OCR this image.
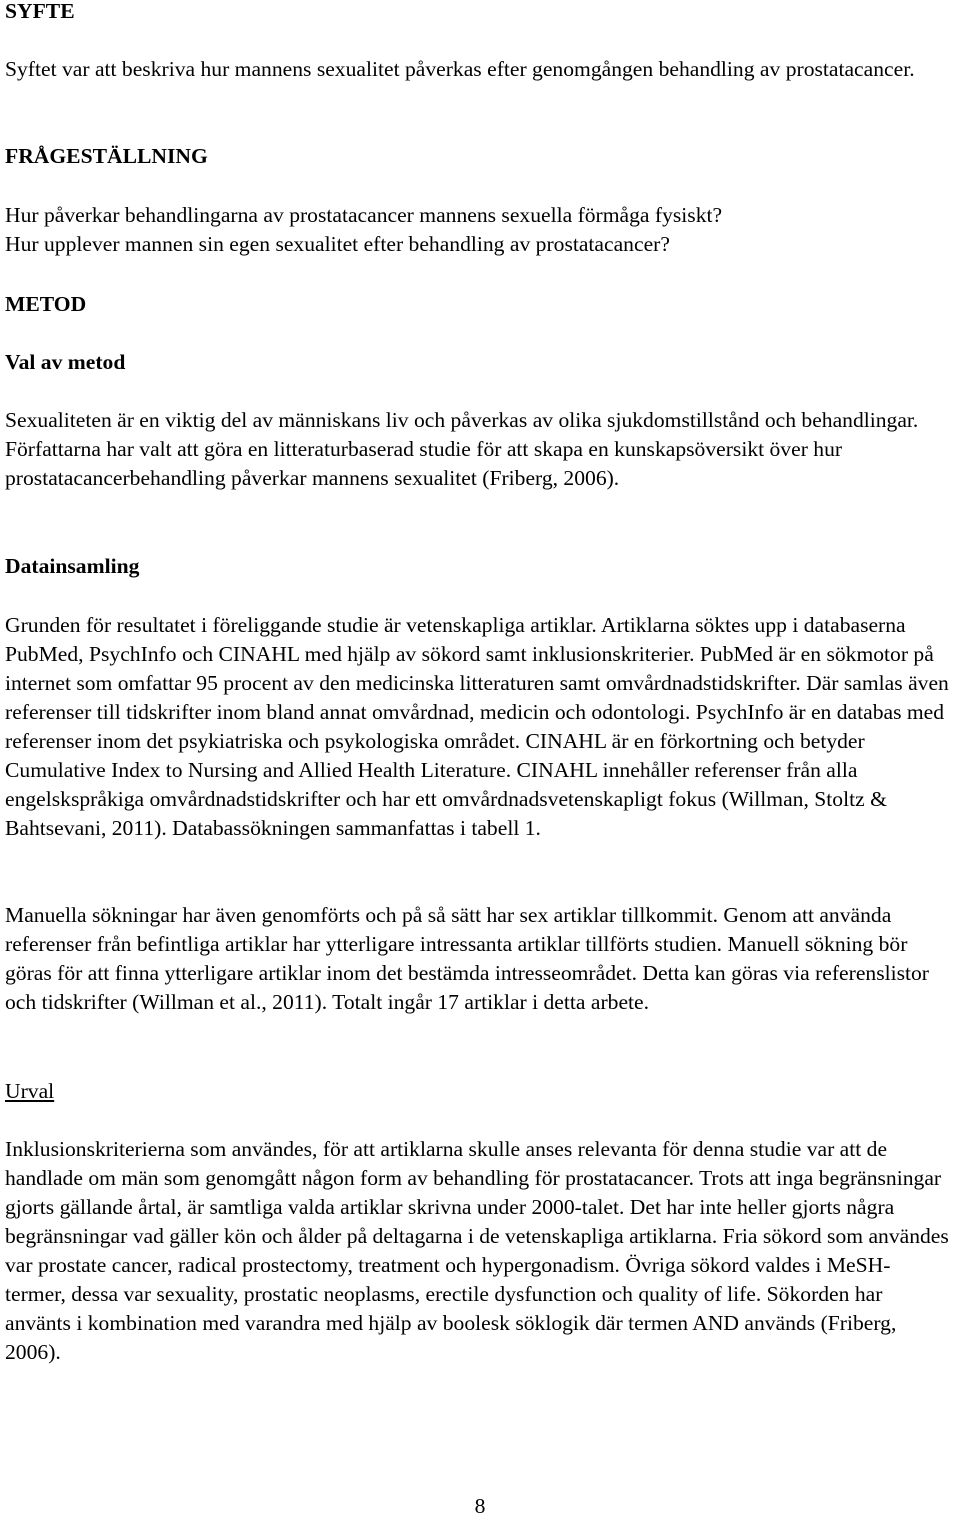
SYFTE
Syftet var att beskriva hur mannens sexualitet påverkas efter genomgången behandling av prostatacancer.
FRÅGESTÄLLNING
Hur påverkar behandlingarna av prostatacancer mannens sexuella förmåga fysiskt?
Hur upplever mannen sin egen sexualitet efter behandling av prostatacancer?
METOD
Val av metod
Sexualiteten är en viktig del av människans liv och påverkas av olika sjukdomstillstånd och behandlingar. Författarna har valt att göra en litteraturbaserad studie för att skapa en kunskapsöversikt över hur prostatacancerbehandling påverkar mannens sexualitet (Friberg, 2006).
Datainsamling
Grunden för resultatet i föreliggande studie är vetenskapliga artiklar. Artiklarna söktes upp i databaserna PubMed, PsychInfo och CINAHL med hjälp av sökord samt inklusionskriterier. PubMed är en sökmotor på internet som omfattar 95 procent av den medicinska litteraturen samt omvårdnadstidskrifter. Där samlas även referenser till tidskrifter inom bland annat omvårdnad, medicin och odontologi. PsychInfo är en databas med referenser inom det psykiatriska och psykologiska området. CINAHL är en förkortning och betyder Cumulative Index to Nursing and Allied Health Literature. CINAHL innehåller referenser från alla engelskspråkiga omvårdnadstidskrifter och har ett omvårdnadsvetenskapligt fokus (Willman, Stoltz & Bahtsevani, 2011). Databassökningen sammanfattas i tabell 1.
Manuella sökningar har även genomförts och på så sätt har sex artiklar tillkommit. Genom att använda referenser från befintliga artiklar har ytterligare intressanta artiklar tillförts studien. Manuell sökning bör göras för att finna ytterligare artiklar inom det bestämda intresseområdet. Detta kan göras via referenslistor och tidskrifter (Willman et al., 2011). Totalt ingår 17 artiklar i detta arbete.
Urval
Inklusionskriterierna som användes, för att artiklarna skulle anses relevanta för denna studie var att de handlade om män som genomgått någon form av behandling för prostatacancer. Trots att inga begränsningar gjorts gällande årtal, är samtliga valda artiklar skrivna under 2000-talet. Det har inte heller gjorts några begränsningar vad gäller kön och ålder på deltagarna i de vetenskapliga artiklarna. Fria sökord som användes var prostate cancer, radical prostectomy, treatment och hypergonadism. Övriga sökord valdes i MeSH-termer, dessa var sexuality, prostatic neoplasms, erectile dysfunction och quality of life. Sökorden har använts i kombination med varandra med hjälp av boolesk söklogik där termen AND används (Friberg, 2006).
8
